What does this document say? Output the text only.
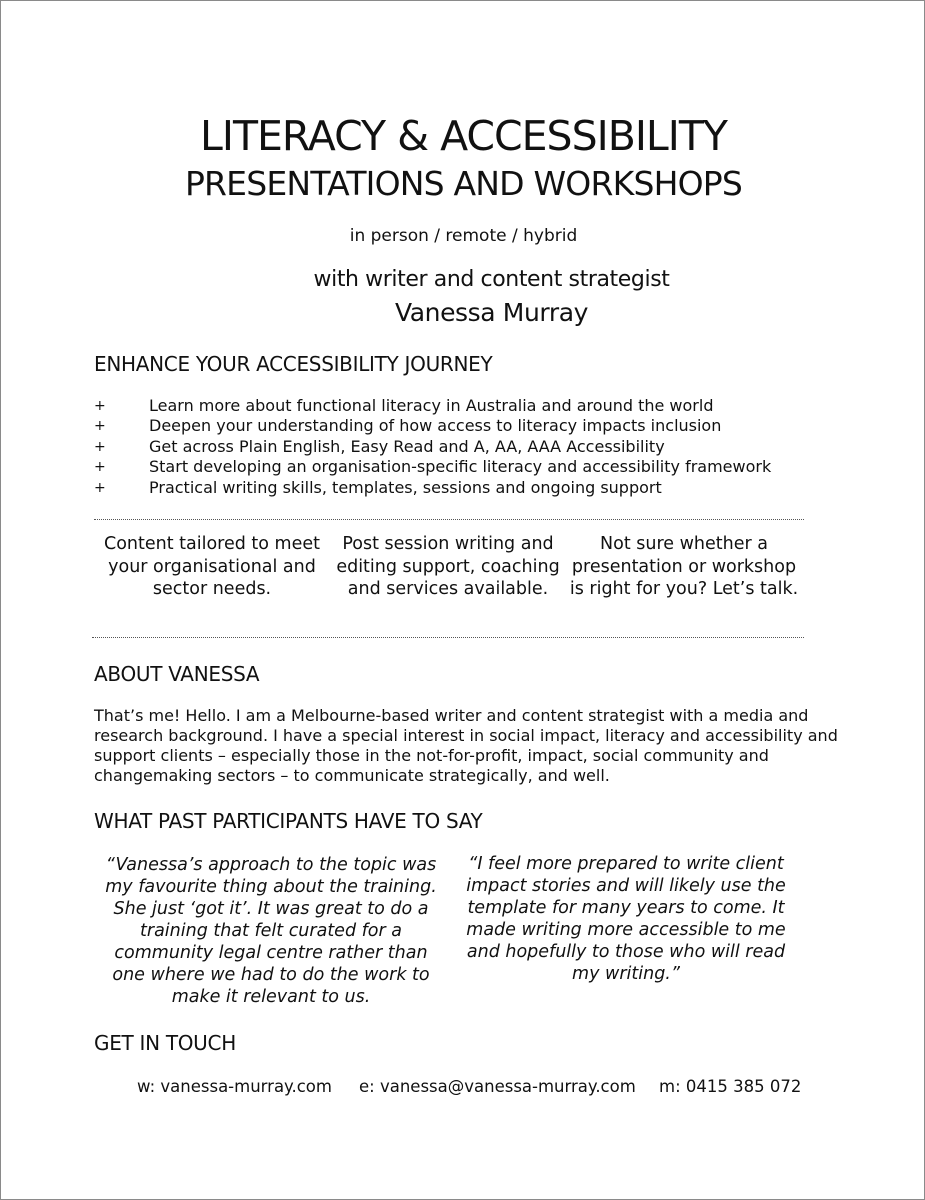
LITERACY & ACCESSIBILITY
PRESENTATIONS AND WORKSHOPS
in person / remote / hybrid
with writer and content strategist
Vanessa Murray
ENHANCE YOUR ACCESSIBILITY JOURNEY
+	Learn more about functional literacy in Australia and around the world
+	Deepen your understanding of how access to literacy impacts inclusion
+	Get across Plain English, Easy Read and A, AA, AAA Accessibility
+	Start developing an organisation-specific literacy and accessibility framework
+	Practical writing skills, templates, sessions and ongoing support
Content tailored to meet your organisational and sector needs.
Post session writing and editing support, coaching and services available.
Not sure whether a presentation or workshop is right for you? Let’s talk.
ABOUT VANESSA

That’s me! Hello. I am a Melbourne-based writer and content strategist with a media and research background. I have a special interest in social impact, literacy and accessibility and support clients – especially those in the not-for-profit, impact, social community and changemaking sectors – to communicate strategically, and well.

WHAT PAST PARTICIPANTS HAVE TO SAY
“Vanessa’s approach to the topic was my favourite thing about the training. She just ‘got it’. It was great to do a training that felt curated for a community legal centre rather than one where we had to do the work to make it relevant to us.
“I feel more prepared to write client impact stories and will likely use the template for many years to come. It made writing more accessible to me and hopefully to those who will read my writing.”
GET IN TOUCH
w: vanessa-murray.com e: vanessa@vanessa-murray.com m: 0415 385 072
